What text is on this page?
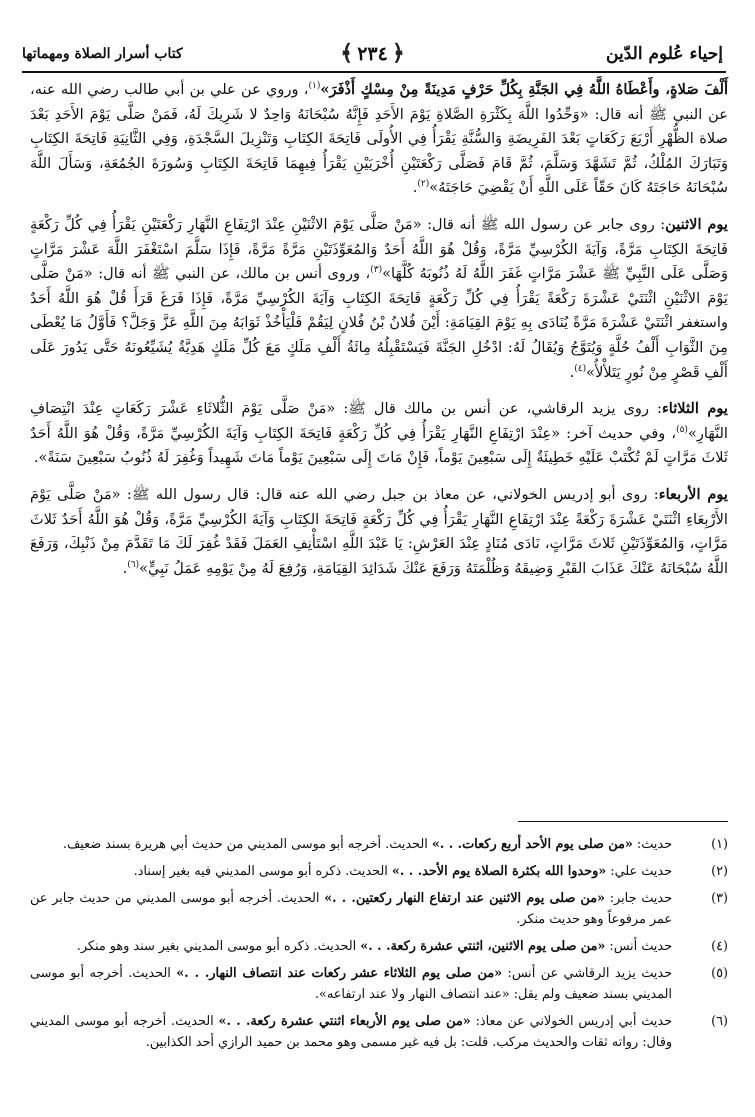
إحياء عُلوم الدّين
﴿٢٣٤﴾
كتاب أسرار الصلاة ومهماتها

أَلْفَ صَلاةٍ، وأَعْطَاهُ اللَّهُ فِي الجَنَّةِ بِكُلِّ حَرْفٍ مَدِينَةً مِنْ مِسْكٍ أَذْفَرَ»$^{(١)}$، وروي عن علي بن أبي طالب رضي الله عنه، عن النبي ﷺ أنه قال: «وَحِّدُوا اللَّهَ بِكَثْرَةِ الصَّلاةِ يَوْمَ الأَحَدِ فَإِنَّهُ سُبْحَانَهُ وَاحِدٌ لا شَرِيكَ لَهُ، فَمَنْ صَلَّى يَوْمَ الأَحَدِ بَعْدَ صلاة الظُّهْرِ أَرْبَعَ رَكَعَاتٍ بَعْدَ الفَرِيضَةِ وَالسُّنَّةِ يَقْرَأُ فِي الأُولَى فَاتِحَةَ الكِتَابِ وَتَنْزِيلَ السَّجْدَةِ، وَفِي الثَّانِيَةِ فَاتِحَةَ الكِتَابِ وَتَبَارَكَ المُلْكُ، ثُمَّ تَشَهَّدَ وَسَلَّمَ، ثُمَّ قَامَ فَصَلَّى رَكْعَتَيْنِ أُخْرَيَيْنِ يَقْرَأُ فِيهِمَا فَاتِحَةَ الكِتَابِ وَسُورَةَ الجُمُعَةِ، وَسَأَلَ اللَّهَ سُبْحَانَهُ حَاجَتَهُ كَانَ حَقّاً عَلَى اللَّهِ أَنْ يَقْضِيَ حَاجَتَهُ»$^{(٢)}$.

يوم الاثنين: روى جابر عن رسول الله ﷺ أنه قال: «مَنْ صَلَّى يَوْمَ الاثْنَيْنِ عِنْدَ ارْتِفَاعِ النَّهَارِ رَكْعَتَيْنِ يَقْرَأُ فِي كُلِّ رَكْعَةٍ فَاتِحَةَ الكِتَابِ مَرَّةً، وَآيَةَ الكُرْسِيِّ مَرَّةً، وَقُلْ هُوَ اللَّهُ أَحَدٌ وَالمُعَوِّذَتَيْنِ مَرَّةً مَرَّةً، فَإِذَا سَلَّمَ اسْتَغْفَرَ اللَّهَ عَشْرَ مَرَّاتٍ وَصَلَّى عَلَى النَّبِيِّ ﷺ عَشْرَ مَرَّاتٍ غَفَرَ اللَّهُ لَهُ ذُنُوبَهُ كُلَّهَا»$^{(٣)}$، وروى أنس بن مالك، عن النبي ﷺ أنه قال: «مَنْ صَلَّى يَوْمَ الاثْنَيْنِ اثْنَتَيْ عَشْرَةَ رَكْعَةً يَقْرَأُ فِي كُلِّ رَكْعَةٍ فَاتِحَةَ الكِتَابِ وَآيَةَ الكُرْسِيِّ مَرَّةً، فَإِذَا فَرَغَ قَرَأَ قُلْ هُوَ اللَّهُ أَحَدٌ واستغفر اثْنَتَيْ عَشْرَةَ مَرَّةً يُنَادَى بِهِ يَوْمَ القِيَامَةِ: أَيْنَ فُلانُ بْنُ فُلانٍ لِيَقُمْ فَلْيَأْخُذْ ثَوَابَهُ مِنَ اللَّهِ عَزَّ وَجَلَّ؟ فَأَوَّلُ مَا يُعْطَى مِنَ الثَّوَابِ أَلْفُ حُلَّةٍ وَيُتَوَّجُ وَيُقَالُ لَهُ: ادْخُلِ الجَنَّةَ فَيَسْتَقْبِلُهُ مِائَةُ أَلْفِ مَلَكٍ مَعَ كُلِّ مَلَكٍ هَدِيَّةٌ يُشَيِّعُونَهُ حَتَّى يَدُورَ عَلَى أَلْفِ قَصْرٍ مِنْ نُورٍ يَتَلأْلأُ»$^{(٤)}$.

يوم الثلاثاء: روى يزيد الرقاشي، عن أنس بن مالك قال ﷺ: «مَنْ صَلَّى يَوْمَ الثُّلاثَاءِ عَشْرَ رَكَعَاتٍ عِنْدَ انْتِصَافِ النَّهَارِ»$^{(٥)}$، وفي حديث آخر: «عِنْدَ ارْتِفَاعِ النَّهَارِ يَقْرَأُ فِي كُلِّ رَكْعَةٍ فَاتِحَةَ الكِتَابِ وَآيَةَ الكُرْسِيِّ مَرَّةً، وَقُلْ هُوَ اللَّهُ أَحَدٌ ثَلاثَ مَرَّاتٍ لَمْ تُكْتَبْ عَلَيْهِ خَطِيئَةٌ إِلَى سَبْعِينَ يَوْماً، فَإِنْ مَاتَ إِلَى سَبْعِينَ يَوْماً مَاتَ شَهِيداً وَغُفِرَ لَهُ ذُنُوبُ سَبْعِينَ سَنَةً».

يوم الأربعاء: روى أبو إدريس الخولاني، عن معاذ بن جبل رضي الله عنه قال: قال رسول الله ﷺ: «مَنْ صَلَّى يَوْمَ الأَرْبِعَاءِ اثْنَتَيْ عَشْرَةَ رَكْعَةً عِنْدَ ارْتِفَاعِ النَّهَارِ يَقْرَأُ فِي كُلِّ رَكْعَةٍ فَاتِحَةَ الكِتَابِ وَآيَةَ الكُرْسِيِّ مَرَّةً، وَقُلْ هُوَ اللَّهُ أَحَدٌ ثَلاثَ مَرَّاتٍ، وَالمُعَوِّذَتَيْنِ ثَلاثَ مَرَّاتٍ، نَادَى مُنَادٍ عِنْدَ العَرْشِ: يَا عَبْدَ اللَّهِ اسْتَأْنِفِ العَمَلَ فَقَدْ غُفِرَ لَكَ مَا تَقَدَّمَ مِنْ ذَنْبِكَ، وَرَفَعَ اللَّهُ سُبْحَانَهُ عَنْكَ عَذَابَ القَبْرِ وَضِيقَهُ وَظُلْمَتَهُ وَرَفَعَ عَنْكَ شَدَائِدَ القِيَامَةِ، وَرُفِعَ لَهُ مِنْ يَوْمِهِ عَمَلُ نَبِيٍّ»$^{(٦)}$.

(١)
حديث: «من صلى يوم الأحد أربع ركعات. . .» الحديث. أخرجه أبو موسى المديني من حديث أبي هريرة بسند ضعيف.
(٢)
حديث علي: «وحدوا الله بكثرة الصلاة يوم الأحد. . .» الحديث. ذكره أبو موسى المديني فيه بغير إسناد.
(٣)
حديث جابر: «من صلى يوم الاثنين عند ارتفاع النهار ركعتين. . .» الحديث. أخرجه أبو موسى المديني من حديث جابر عن عمر مرفوعاً وهو حديث منكر.
(٤)
حديث أنس: «من صلى يوم الاثنين، اثنتي عشرة ركعة. . .» الحديث. ذكره أبو موسى المديني بغير سند وهو منكر.
(٥)
حديث يزيد الرقاشي عن أنس: «من صلى يوم الثلاثاء عشر ركعات عند انتصاف النهار. . .» الحديث. أخرجه أبو موسى المديني بسند ضعيف ولم يقل: «عند انتصاف النهار ولا عند ارتفاعه».
(٦)
حديث أبي إدريس الخولاني عن معاذ: «من صلى يوم الأربعاء اثنتي عشرة ركعة. . .» الحديث. أخرجه أبو موسى المديني وقال: رواته ثقات والحديث مركب. قلت: بل فيه غير مسمى وهو محمد بن حميد الرازي أحد الكذابين.
